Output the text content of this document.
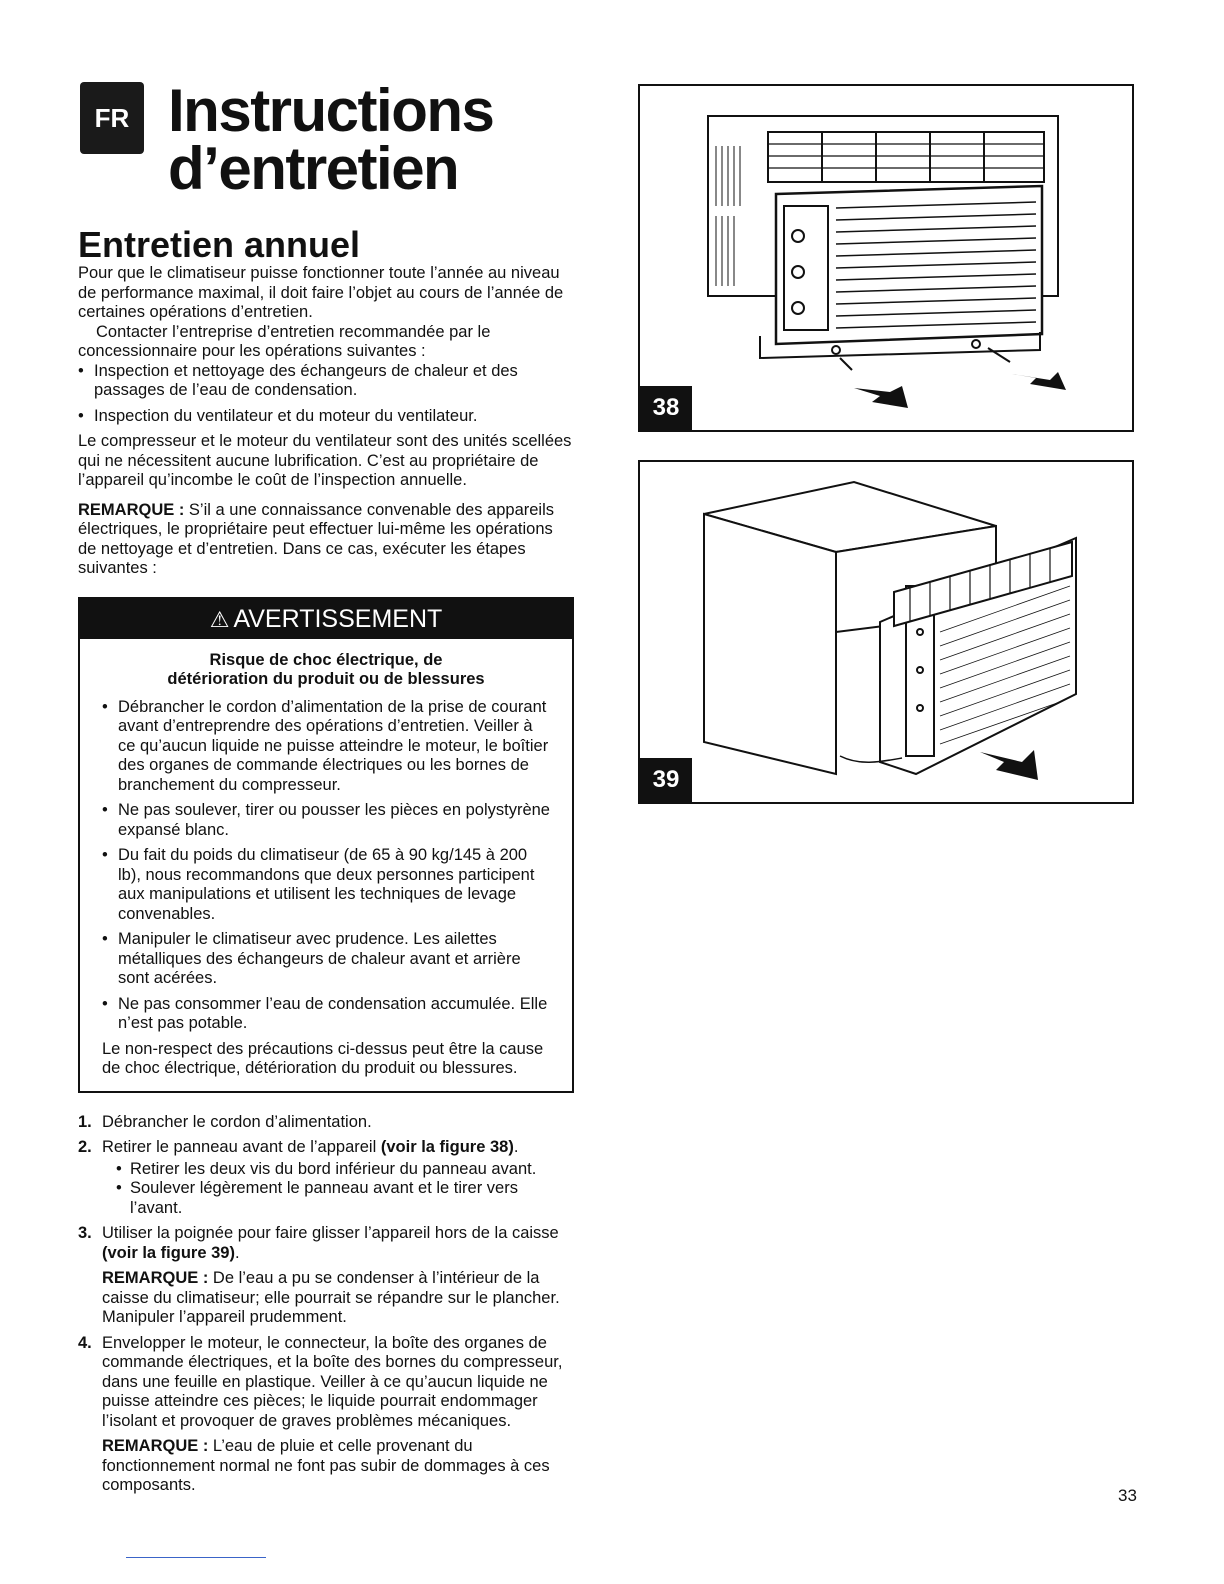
FR Instructions
d’entretien
Entretien annuel

Pour que le climatiseur puisse fonctionner toute l’année au niveau de performance maximal, il doit faire l’objet au cours de l’année de certaines opérations d’entretien.

Contacter l’entreprise d’entretien recommandée par le concessionnaire pour les opérations suivantes :

• Inspection et nettoyage des échangeurs de chaleur et des passages de l’eau de condensation.
• Inspection du ventilateur et du moteur du ventilateur.

Le compresseur et le moteur du ventilateur sont des unités scellées qui ne nécessitent aucune lubrification. C’est au propriétaire de l’appareil qu’incombe le coût de l’inspection annuelle.

REMARQUE : S’il a une connaissance convenable des appareils électriques, le propriétaire peut effectuer lui-même les opérations de nettoyage et d’entretien. Dans ce cas, exécuter les étapes suivantes :

⚠ AVERTISSEMENT

Risque de choc électrique, de
détérioration du produit ou de blessures

• Débrancher le cordon d’alimentation de la prise de courant avant d’entreprendre des opérations d’entretien. Veiller à ce qu’aucun liquide ne puisse atteindre le moteur, le boîtier des organes de commande électriques ou les bornes de branchement du compresseur.
• Ne pas soulever, tirer ou pousser les pièces en polystyrène expansé blanc.
• Du fait du poids du climatiseur (de 65 à 90 kg/145 à 200 lb), nous recommandons que deux personnes participent aux manipulations et utilisent les techniques de levage convenables.
• Manipuler le climatiseur avec prudence. Les ailettes métalliques des échangeurs de chaleur avant et arrière sont acérées.
• Ne pas consommer l’eau de condensation accumulée. Elle n’est pas potable.

Le non-respect des précautions ci-dessus peut être la cause de choc électrique, détérioration du produit ou blessures.

1. Débrancher le cordon d’alimentation.
2. Retirer le panneau avant de l’appareil (voir la figure 38).
• Retirer les deux vis du bord inférieur du panneau avant.
• Soulever légèrement le panneau avant et le tirer vers l’avant.
3. Utiliser la poignée pour faire glisser l’appareil hors de la caisse (voir la figure 39).

REMARQUE : De l’eau a pu se condenser à l’intérieur de la caisse du climatiseur; elle pourrait se répandre sur le plancher. Manipuler l’appareil prudemment.

4. Envelopper le moteur, le connecteur, la boîte des organes de commande électriques, et la boîte des bornes du compresseur, dans une feuille en plastique. Veiller à ce qu’aucun liquide ne puisse atteindre ces pièces; le liquide pourrait endommager l’isolant et provoquer de graves problèmes mécaniques.

REMARQUE : L’eau de pluie et celle provenant du fonctionnement normal ne font pas subir de dommages à ces composants.

38
39
33
